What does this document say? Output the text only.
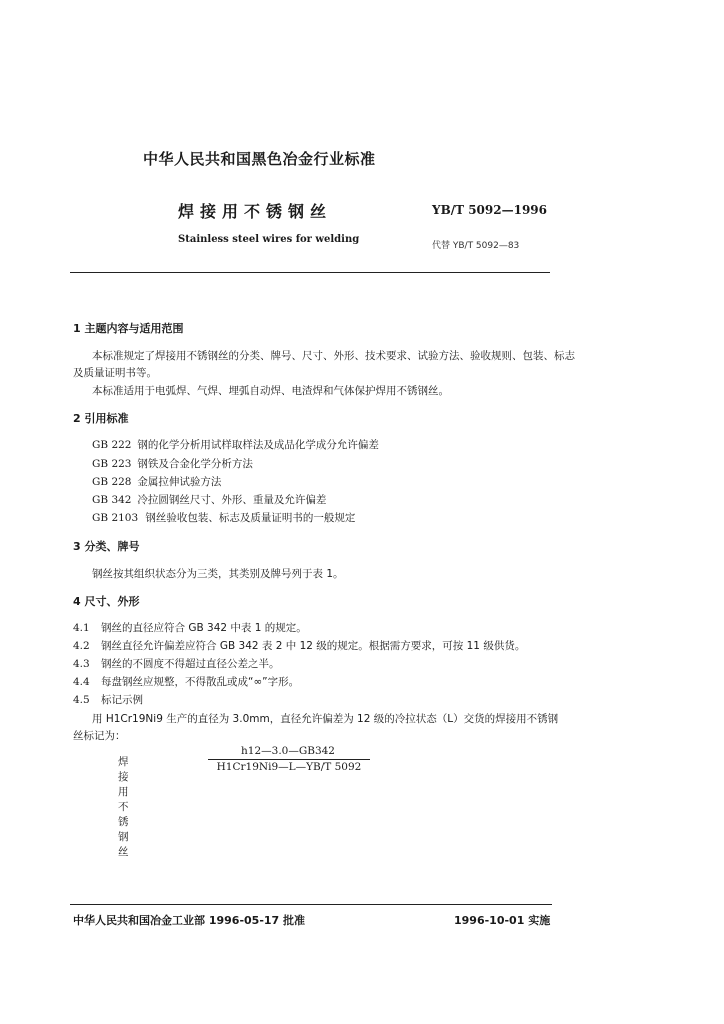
中华人民共和国黑色冶金行业标准
焊接用不锈钢丝	YB/T 5092—1996
Stainless steel wires for welding
代替 YB/T 5092—83
1 主题内容与适用范围
本标准规定了焊接用不锈钢丝的分类、牌号、尺寸、外形、技术要求、试验方法、验收规则、包装、标志
及质量证明书等。
本标准适用于电弧焊、气焊、埋弧自动焊、电渣焊和气体保护焊用不锈钢丝。
2 引用标准
GB 222 钢的化学分析用试样取样法及成品化学成分允许偏差
GB 223 钢铁及合金化学分析方法
GB 228 金属拉伸试验方法
GB 342 冷拉圆钢丝尺寸、外形、重量及允许偏差
GB 2103 钢丝验收包装、标志及质量证明书的一般规定
3 分类、牌号
钢丝按其组织状态分为三类，其类别及牌号列于表 1。
4 尺寸、外形
4.1 钢丝的直径应符合 GB 342 中表 1 的规定。
4.2 钢丝直径允许偏差应符合 GB 342 表 2 中 12 级的规定。根据需方要求，可按 11 级供货。
4.3 钢丝的不圆度不得超过直径公差之半。
4.4 每盘钢丝应规整，不得散乱或成“∞”字形。
4.5 标记示例
用 H1Cr19Ni9 生产的直径为 3.0mm，直径允许偏差为 12 级的冷拉状态（L）交货的焊接用不锈钢
丝标记为：
焊接用不锈钢丝
h12—3.0—GB342
H1Cr19Ni9—L—YB/T 5092
中华人民共和国冶金工业部 1996-05-17 批准	1996-10-01 实施
